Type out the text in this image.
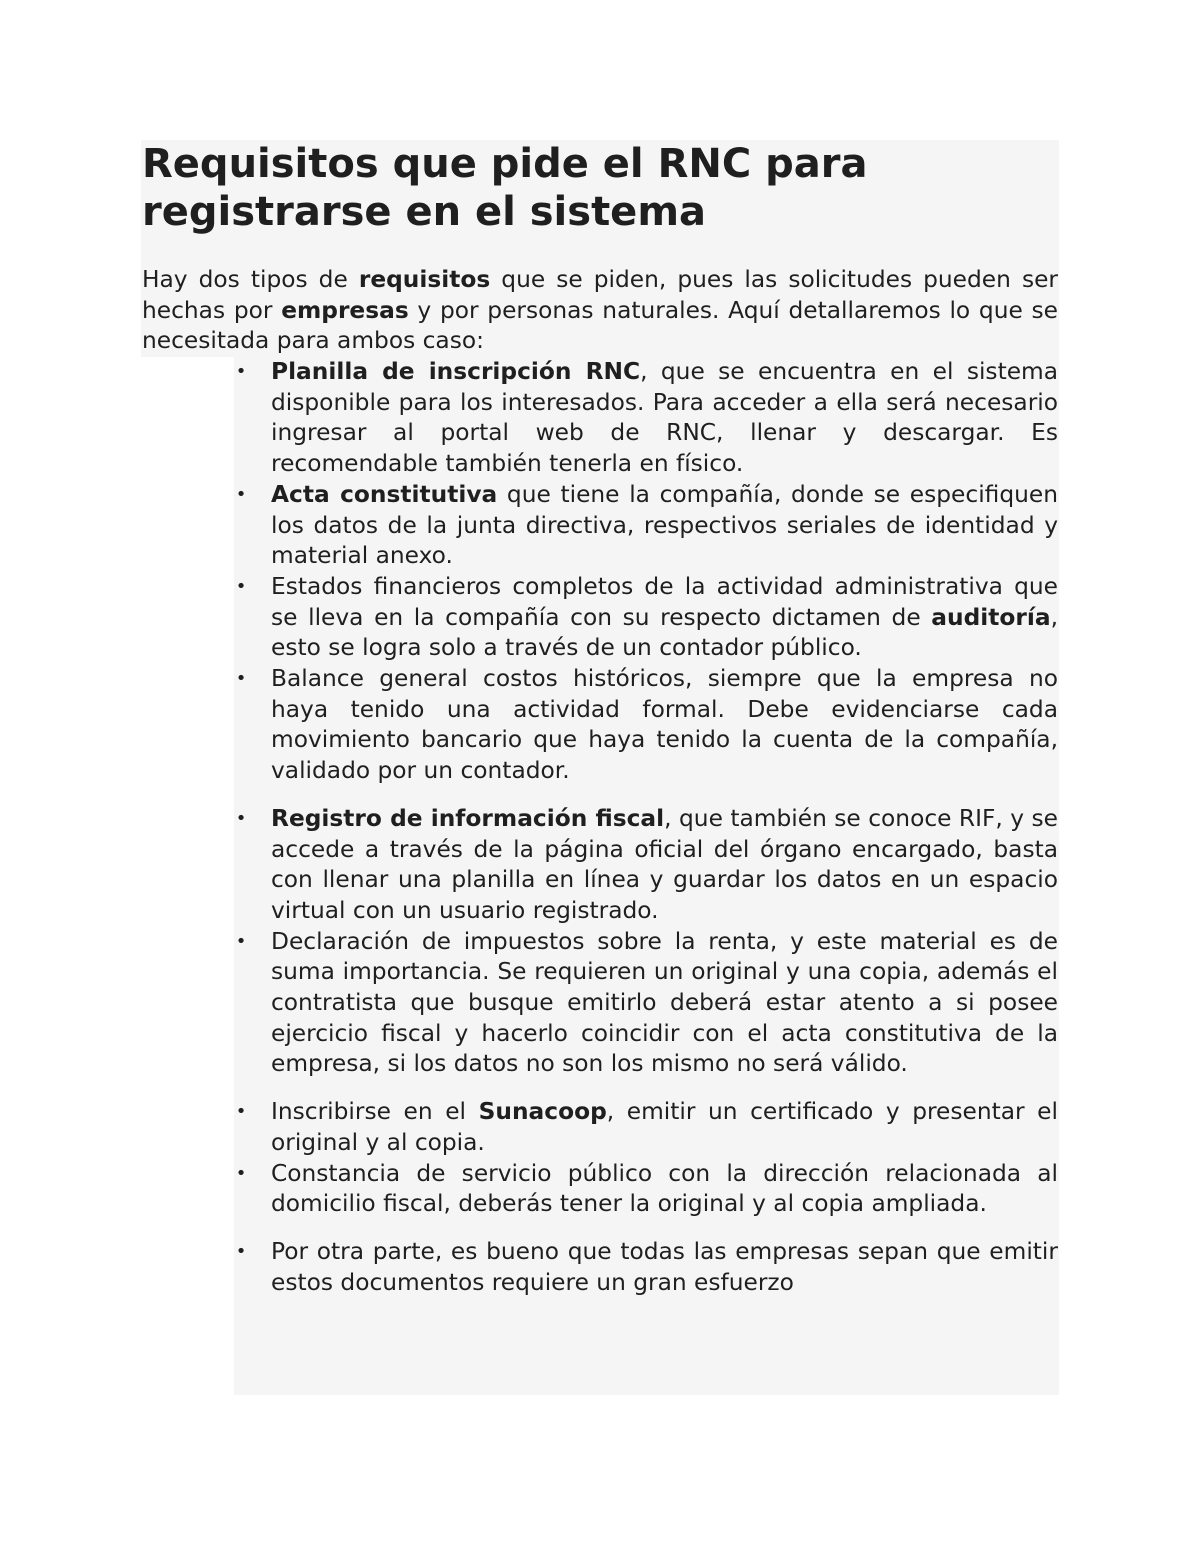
Requisitos que pide el RNC para registrarse en el sistema

Hay dos tipos de requisitos que se piden, pues las solicitudes pueden ser hechas por empresas y por personas naturales. Aquí detallaremos lo que se necesitada para ambos caso:

• Planilla de inscripción RNC, que se encuentra en el sistema disponible para los interesados. Para acceder a ella será necesario ingresar al portal web de RNC, llenar y descargar. Es recomendable también tenerla en físico.
• Acta constitutiva que tiene la compañía, donde se especifiquen los datos de la junta directiva, respectivos seriales de identidad y material anexo.
• Estados financieros completos de la actividad administrativa que se lleva en la compañía con su respecto dictamen de auditoría, esto se logra solo a través de un contador público.
• Balance general costos históricos, siempre que la empresa no haya tenido una actividad formal. Debe evidenciarse cada movimiento bancario que haya tenido la cuenta de la compañía, validado por un contador.
• Registro de información fiscal, que también se conoce RIF, y se accede a través de la página oficial del órgano encargado, basta con llenar una planilla en línea y guardar los datos en un espacio virtual con un usuario registrado.
• Declaración de impuestos sobre la renta, y este material es de suma importancia. Se requieren un original y una copia, además el contratista que busque emitirlo deberá estar atento a si posee ejercicio fiscal y hacerlo coincidir con el acta constitutiva de la empresa, si los datos no son los mismo no será válido.
• Inscribirse en el Sunacoop, emitir un certificado y presentar el original y al copia.
• Constancia de servicio público con la dirección relacionada al domicilio fiscal, deberás tener la original y al copia ampliada.
• Por otra parte, es bueno que todas las empresas sepan que emitir estos documentos requiere un gran esfuerzo
